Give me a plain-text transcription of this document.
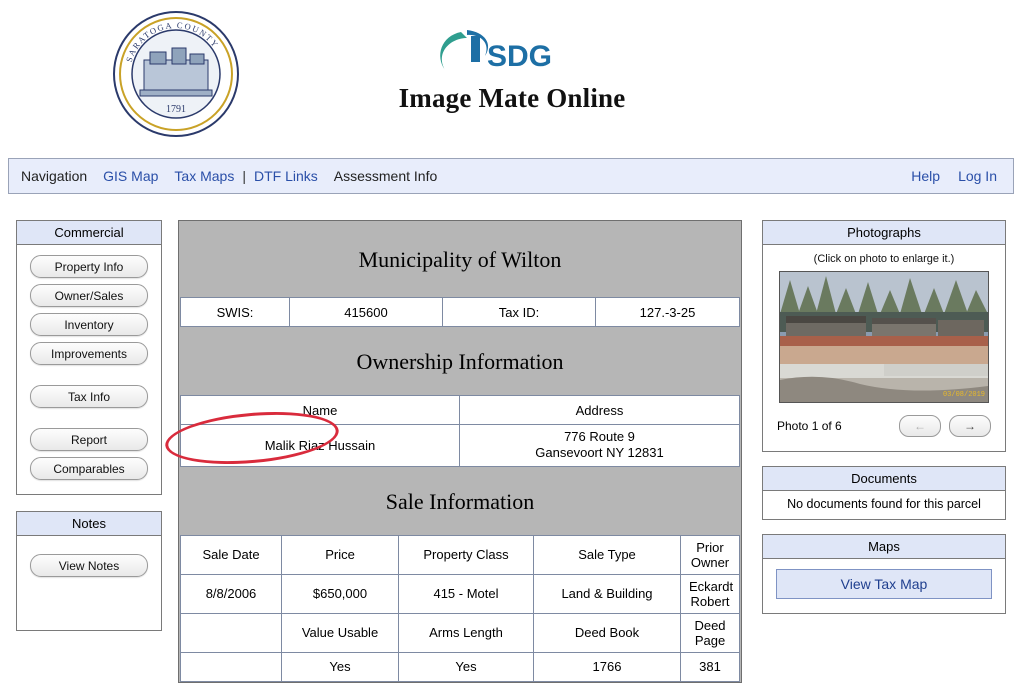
1791
SARATOGA COUNTY	SDG
Image Mate Online
Navigation GIS Map Tax Maps | DTF Links Assessment Info	Help Log In
Commercial
Property Info
Owner/Sales
Inventory
Improvements
Tax Info
Report
Comparables
Notes
View Notes
Municipality of Wilton
SWIS:	415600	Tax ID:	127.-3-25
Ownership Information
Name	Address
Malik Riaz Hussain	776 Route 9
Gansevoort NY 12831
Sale Information
Sale Date	Price	Property Class	Sale Type	Prior Owner
8/8/2006	$650,000	415 - Motel	Land & Building	Eckardt Robert
	Value Usable	Arms Length	Deed Book	Deed Page
	Yes	Yes	1766	381
Photographs
(Click on photo to enlarge it.)
03/08/2019
Photo 1 of 6	←	→
Documents
No documents found for this parcel
Maps
View Tax Map
